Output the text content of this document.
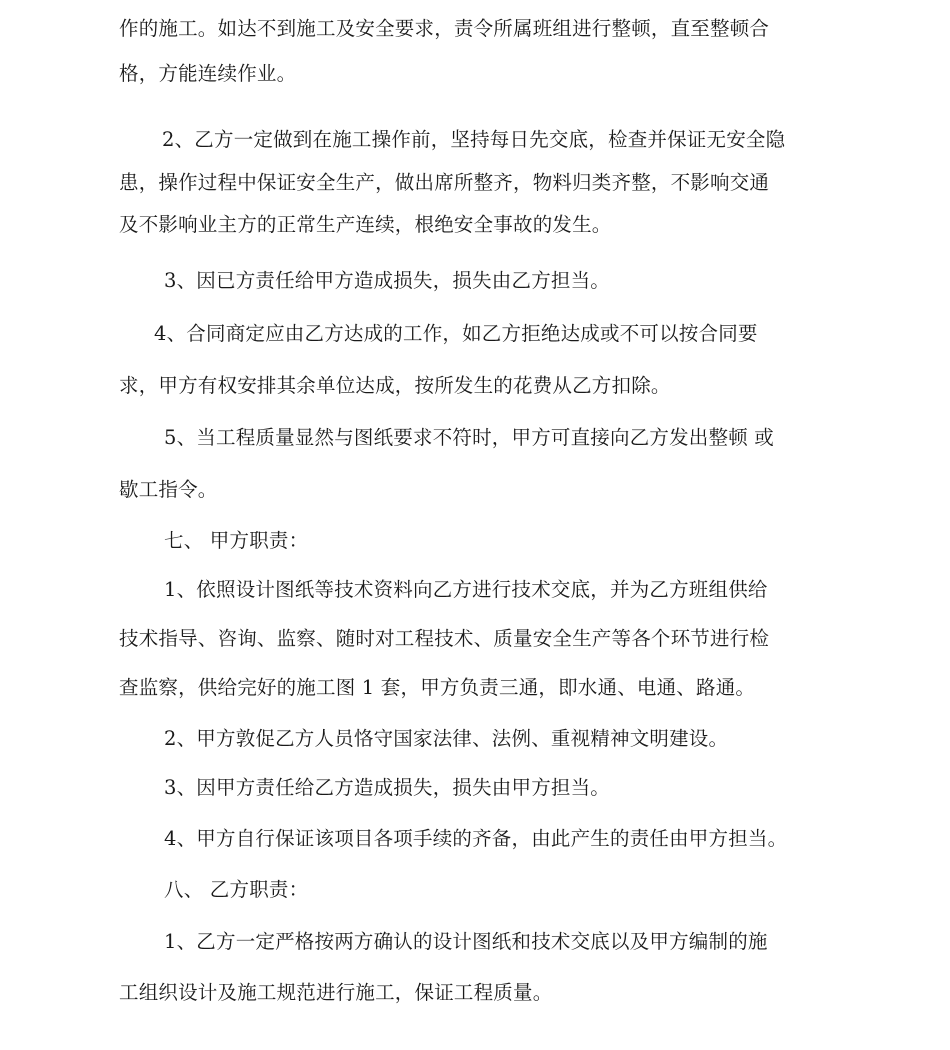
作的施工。如达不到施工及安全要求，责令所属班组进行整顿，直至整顿合
格，方能连续作业。
2、乙方一定做到在施工操作前，坚持每日先交底，检查并保证无安全隐
患，操作过程中保证安全生产，做出席所整齐，物料归类齐整，不影响交通
及不影响业主方的正常生产连续，根绝安全事故的发生。
3、因已方责任给甲方造成损失，损失由乙方担当。
4、合同商定应由乙方达成的工作，如乙方拒绝达成或不可以按合同要
求，甲方有权安排其余单位达成，按所发生的花费从乙方扣除。
5、当工程质量显然与图纸要求不符时，甲方可直接向乙方发出整顿 或
歇工指令。
七、 甲方职责：
1、依照设计图纸等技术资料向乙方进行技术交底，并为乙方班组供给
技术指导、咨询、监察、随时对工程技术、质量安全生产等各个环节进行检
查监察，供给完好的施工图 1 套，甲方负责三通，即水通、电通、路通。
2、甲方敦促乙方人员恪守国家法律、法例、重视精神文明建设。
3、因甲方责任给乙方造成损失，损失由甲方担当。
4、甲方自行保证该项目各项手续的齐备，由此产生的责任由甲方担当。
八、 乙方职责：
1、乙方一定严格按两方确认的设计图纸和技术交底以及甲方编制的施
工组织设计及施工规范进行施工，保证工程质量。
